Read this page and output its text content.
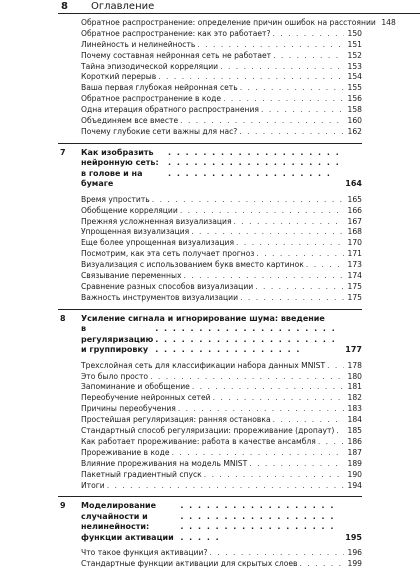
8 Оглавление
Обратное распространение: определение причин ошибок на расстоянии 148
Обратное распространение: как это работает? . . .	150
Линейность и нелинейность . . .	151
Почему составная нейронная сеть не работает . . .	152
Тайна эпизодической корреляции . . .	153
Короткий перерыв . . .	154
Ваша первая глубокая нейронная сеть . . .	155
Обратное распространение в коде . . .	156
Одна итерация обратного распространения . . .	158
Объединяем все вместе . . .	160
Почему глубокие сети важны для нас? . . .	162
7 Как изобразить нейронную сеть: в голове и на бумаге
. . .	164
Время упростить . . .	165
Обобщение корреляции . . .	166
Прежняя усложненная визуализация . . .	167
Упрощенная визуализация . . .	168
Еще более упрощенная визуализация . . .	170
Посмотрим, как эта сеть получает прогноз . . .	171
Визуализация с использованием букв вместо картинок . . .	173
Связывание переменных . . .	174
Сравнение разных способов визуализации . . .	175
Важность инструментов визуализации . . .	175
8 Усиление сигнала и игнорирование шума: введение
в регуляризацию и группировку . . .	177
Трехслойная сеть для классификации набора данных MNIST . . .	178
Это было просто . . .	180
Запоминание и обобщение . . .	181
Переобучение нейронных сетей . . .	182
Причины переобучения . . .	183
Простейшая регуляризация: ранняя остановка . . .	184
Стандартный способ регуляризации: прореживание (дропаут) . . . 185
Как работает прореживание: работа в качестве ансамбля . . .	186
Прореживание в коде . . .	187
Влияние прореживания на модель MNIST . . .	189
Пакетный градиентный спуск . . .	190
Итоги . . .	194
9 Моделирование случайности и нелинейности: функции активации . . .	195
Что такое функция активации? . . .	196
Стандартные функции активации для скрытых слоев . . .	199
